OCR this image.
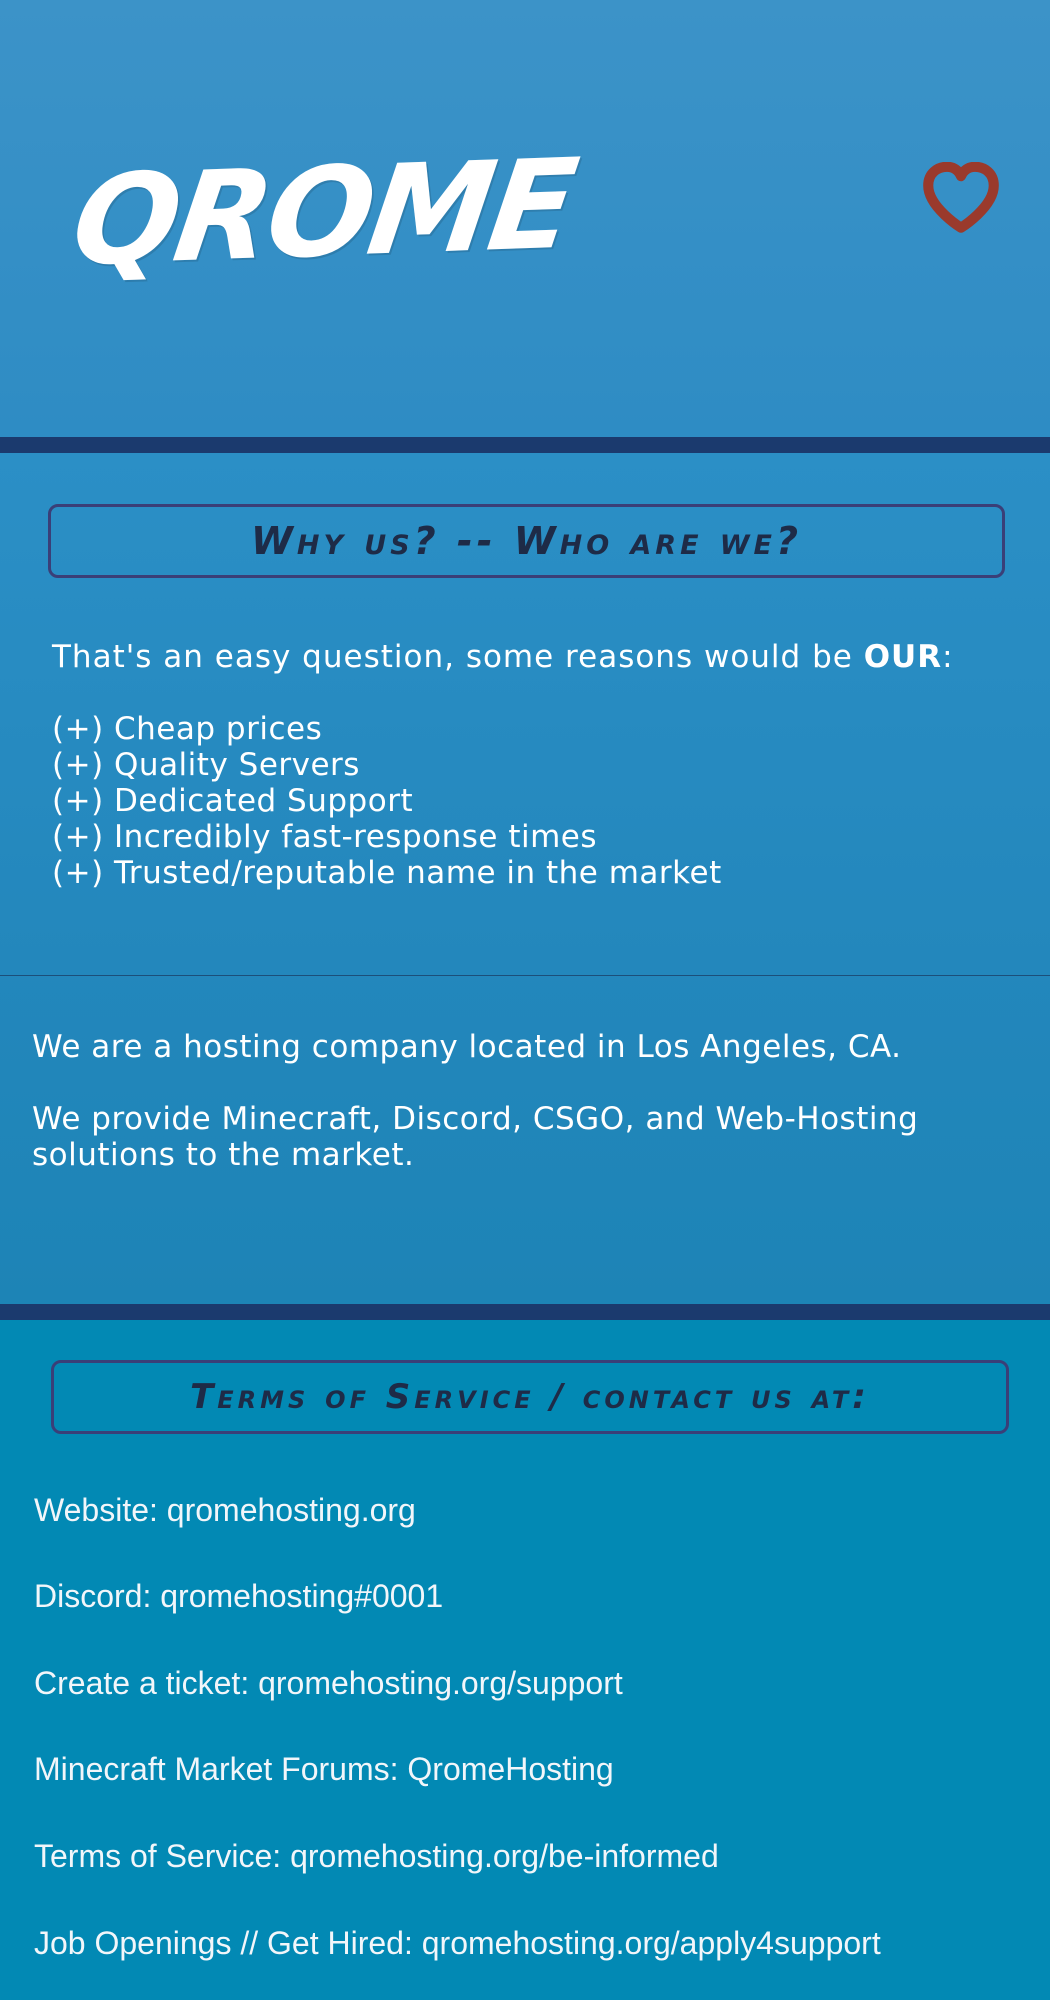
QROME
Why us? -- Who are we?

That's an easy question, some reasons would be OUR:

(+) Cheap prices
(+) Quality Servers
(+) Dedicated Support
(+) Incredibly fast-response times
(+) Trusted/reputable name in the market

We are a hosting company located in Los Angeles, CA.

We provide Minecraft, Discord, CSGO, and Web-Hosting solutions to the market.

Terms of Service / contact us at:

Website: qromehosting.org

Discord: qromehosting#0001

Create a ticket: qromehosting.org/support

Minecraft Market Forums: QromeHosting

Terms of Service: qromehosting.org/be-informed

Job Openings // Get Hired: qromehosting.org/apply4support
